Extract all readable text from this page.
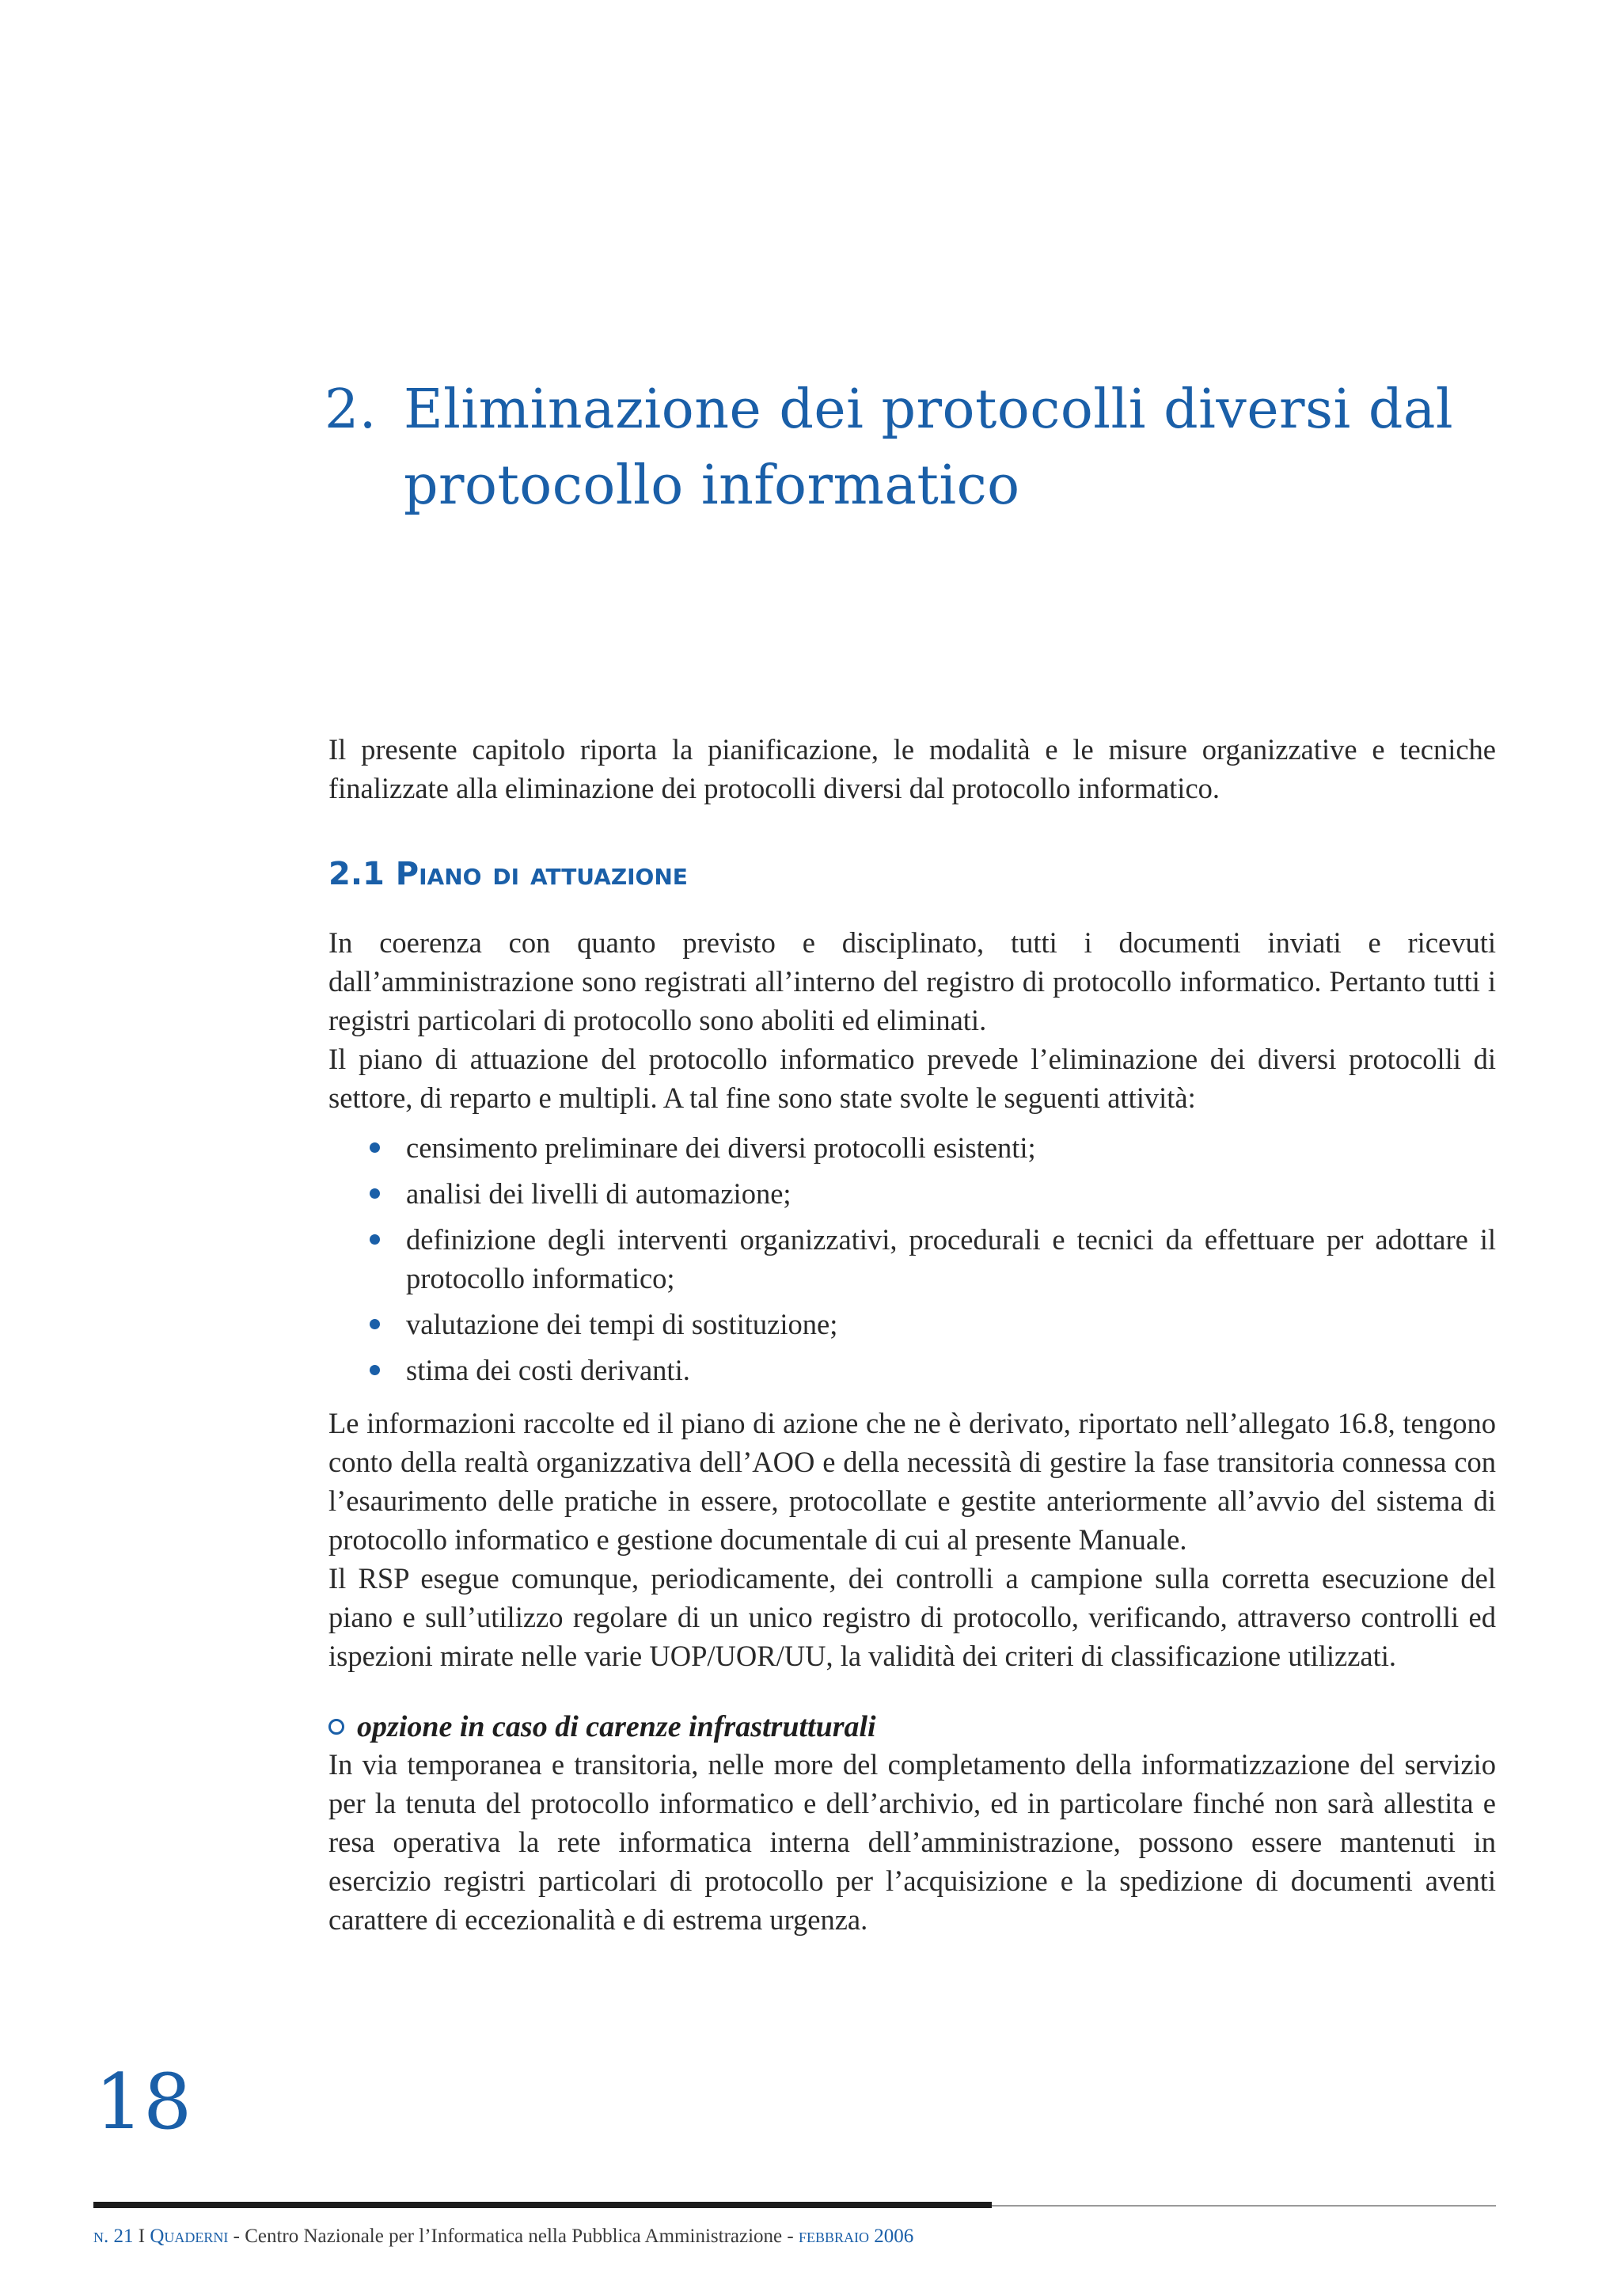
2. Eliminazione dei protocolli diversi dal
protocollo informatico

Il presente capitolo riporta la pianificazione, le modalità e le misure organizzative e tecniche finalizzate alla eliminazione dei protocolli diversi dal protocollo informatico.

2.1 Piano di attuazione

In coerenza con quanto previsto e disciplinato, tutti i documenti inviati e ricevuti dall’amministrazione sono registrati all’interno del registro di protocollo informatico. Pertanto tutti i registri particolari di protocollo sono aboliti ed eliminati.

Il piano di attuazione del protocollo informatico prevede l’eliminazione dei diversi protocolli di settore, di reparto e multipli. A tal fine sono state svolte le seguenti attività:

censimento preliminare dei diversi protocolli esistenti;
analisi dei livelli di automazione;
definizione degli interventi organizzativi, procedurali e tecnici da effettuare per adottare il protocollo informatico;
valutazione dei tempi di sostituzione;
stima dei costi derivanti.

Le informazioni raccolte ed il piano di azione che ne è derivato, riportato nell’allegato 16.8, tengono conto della realtà organizzativa dell’AOO e della necessità di gestire la fase transitoria connessa con l’esaurimento delle pratiche in essere, protocollate e gestite anteriormente all’avvio del sistema di protocollo informatico e gestione documentale di cui al presente Manuale.

Il RSP esegue comunque, periodicamente, dei controlli a campione sulla corretta esecuzione del piano e sull’utilizzo regolare di un unico registro di protocollo, verificando, attraverso controlli ed ispezioni mirate nelle varie UOP/UOR/UU, la validità dei criteri di classificazione utilizzati.

opzione in caso di carenze infrastrutturali

In via temporanea e transitoria, nelle more del completamento della informatizzazione del servizio per la tenuta del protocollo informatico e dell’archivio, ed in particolare finché non sarà allestita e resa operativa la rete informatica interna dell’amministrazione, possono essere mantenuti in esercizio registri particolari di protocollo per l’acquisizione e la spedizione di documenti aventi carattere di eccezionalità e di estrema urgenza.

18
n. 21 I Quaderni - Centro Nazionale per l’Informatica nella Pubblica Amministrazione - febbraio 2006
